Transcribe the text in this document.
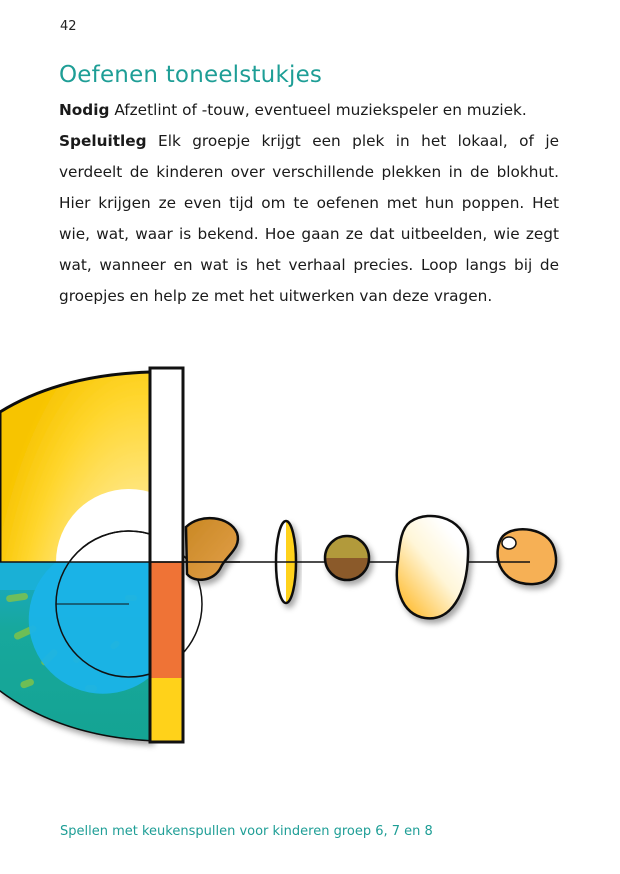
42
Oefenen toneelstukjes

Nodig Afzetlint of -touw, eventueel muziekspeler en muziek.
Speluitleg Elk groepje krijgt een plek in het lokaal, of je verdeelt de kinderen over verschillende plekken in de blokhut. Hier krijgen ze even tijd om te oefenen met hun poppen. Het wie, wat, waar is bekend. Hoe gaan ze dat uitbeelden, wie zegt wat, wanneer en wat is het verhaal precies. Loop langs bij de groepjes en help ze met het uitwerken van deze vragen.

Spellen met keukenspullen voor kinderen groep 6, 7 en 8
